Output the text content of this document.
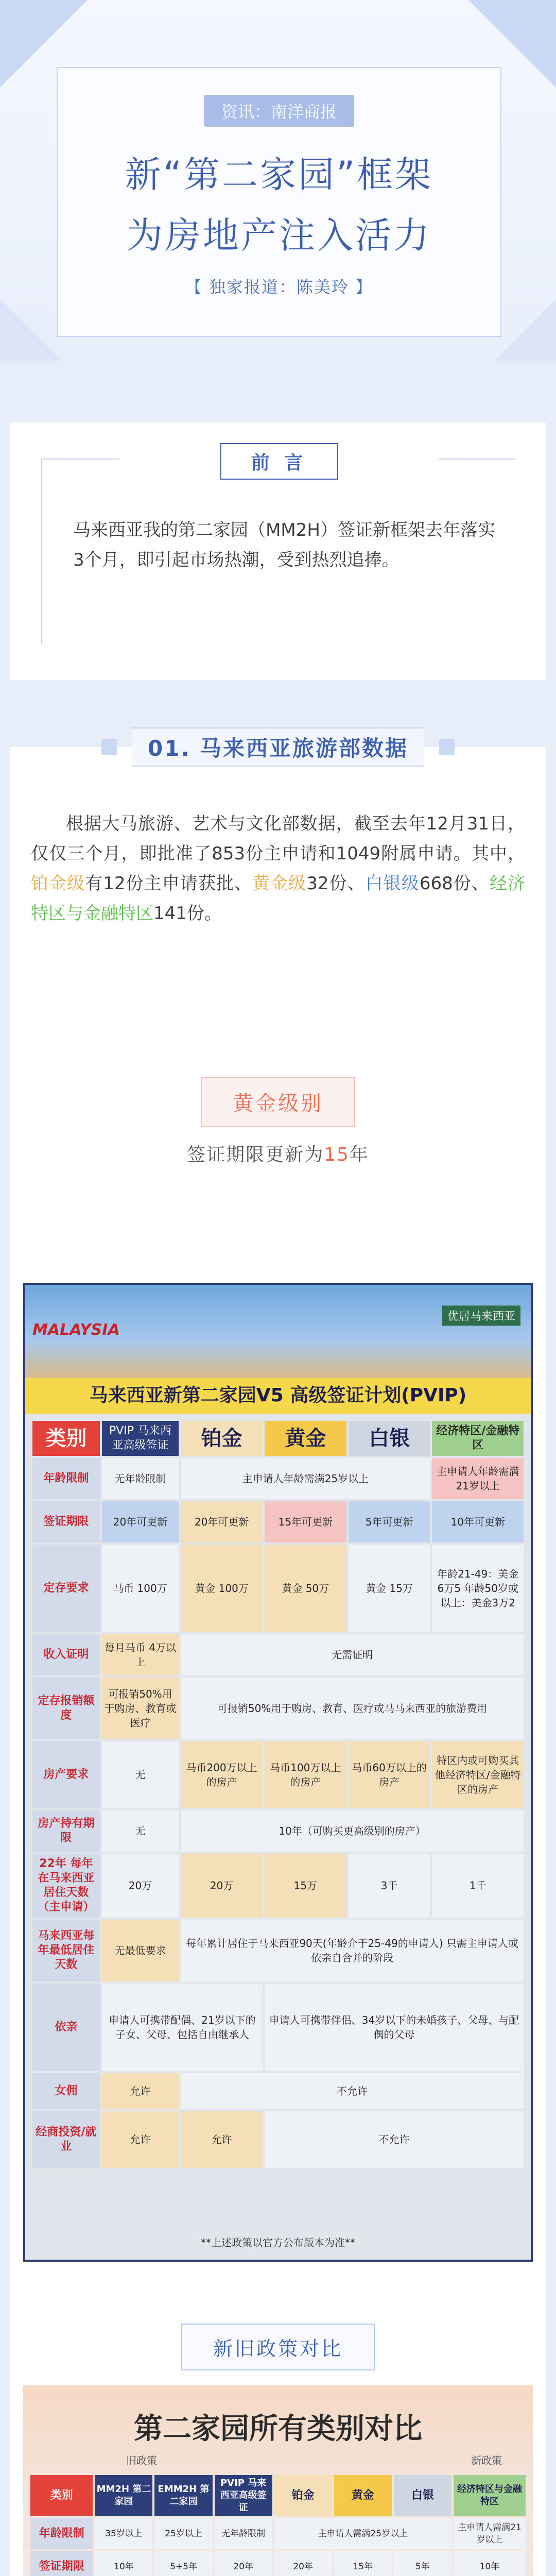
资讯：南洋商报
新“第二家园”框架
为房地产注入活力
【 独家报道：陈美玲 】
前 言

马来西亚我的第二家园（MM2H）签证新框架去年落实3个月，即引起市场热潮，受到热烈追捧。

01. 马来西亚旅游部数据

根据大马旅游、艺术与文化部数据，截至去年12月31日，仅仅三个月，即批准了853份主申请和1049附属申请。其中，铂金级有12份主申请获批、黄金级32份、白银级668份、经济特区与金融特区141份。

黄金级别
签证期限更新为15年
MALAYSIA
优居马来西亚
马来西亚新第二家园V5 高级签证计划(PVIP)
类别	PVIP 马来西亚高级签证	铂金	黄金	白银	经济特区/金融特区
年龄限制	无年龄限制	主申请人年龄需满25岁以上			主申请人年龄需满21岁以上
签证期限	20年可更新	20年可更新	15年可更新	5年可更新	10年可更新
定存要求	马币 100万	黄金 100万	黄金 50万	黄金 15万	年龄21-49：美金6万5 年龄50岁或以上：美金3万2
收入证明	每月马币 4万以上	无需证明			
定存报销额度	可报销50%用于购房、教育或医疗	可报销50%用于购房、教育、医疗或马马来西亚的旅游费用			
房产要求	无	马币200万以上的房产	马币100万以上的房产	马币60万以上的房产	特区内或可购买其他经济特区/金融特区的房产
房产持有期限	无	10年（可购买更高级别的房产）			
22年 每年在马来西亚居住天数（主申请）	20万	20万	15万	3千	1千
马来西亚每年最低居住天数	无最低要求	每年累计居住于马来西亚90天(年龄介于25-49的申请人) 只需主申请人或依亲自合并的阶段			
依亲	申请人可携带配偶、21岁以下的子女、父母、包括自由继承人		申请人可携带伴侣、34岁以下的未婚孩子、父母、与配偶的父母		
女佣	允许	不允许			
经商投资/就业	允许	允许	不允许		
**上述政策以官方公布版本为准**
新旧政策对比
第二家园所有类别对比
旧政策	新政策
类别	MM2H 第二家园	EMM2H 第二家园	PVIP 马来西亚高级签证	铂金	黄金	白银	经济特区与金融特区
年龄限制	35岁以上	25岁以上	无年龄限制	主申请人需满25岁以上			主申请人需满21岁以上
签证期限	10年	5+5年	20年	20年	15年	5年	10年
